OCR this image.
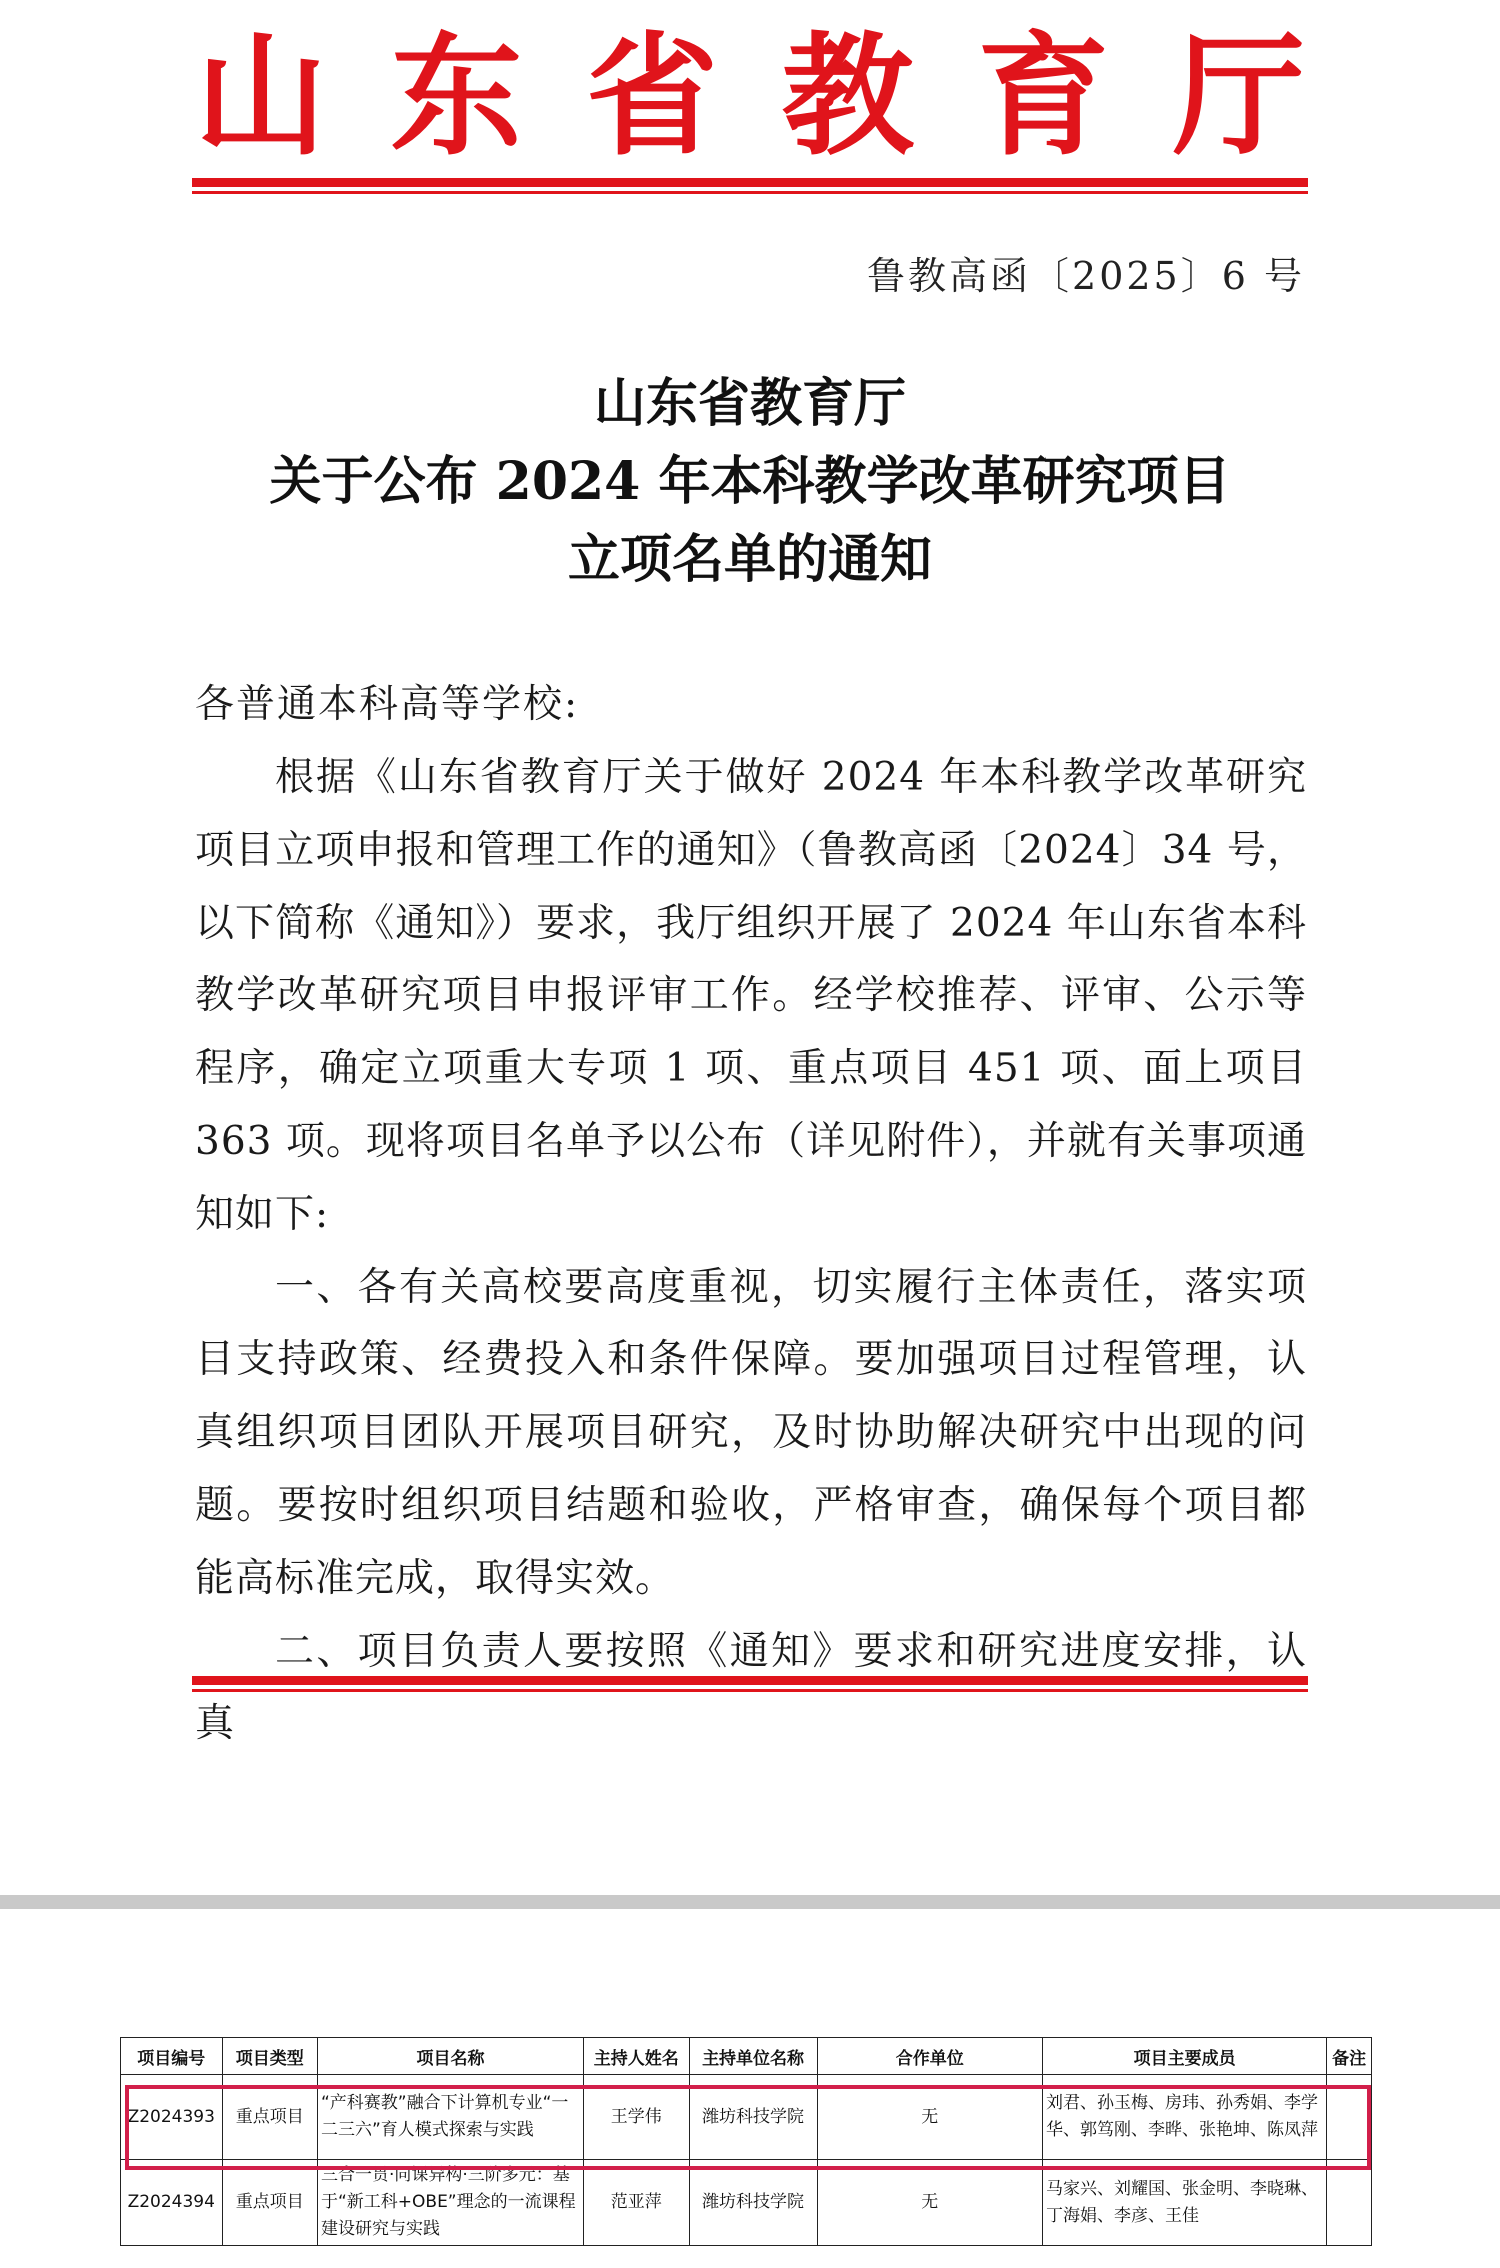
山 东 省 教 育 厅
鲁教高函〔2025〕6 号
山东省教育厅
关于公布 2024 年本科教学改革研究项目
立项名单的通知
各普通本科高等学校:

根据《山东省教育厅关于做好 2024 年本科教学改革研究项目立项申报和管理工作的通知》（鲁教高函〔2024〕34 号，以下简称《通知》）要求，我厅组织开展了 2024 年山东省本科教学改革研究项目申报评审工作。经学校推荐、评审、公示等程序，确定立项重大专项 1 项、重点项目 451 项、面上项目 363 项。现将项目名单予以公布（详见附件），并就有关事项通知如下:

一、各有关高校要高度重视，切实履行主体责任，落实项目支持政策、经费投入和条件保障。要加强项目过程管理，认真组织项目团队开展项目研究，及时协助解决研究中出现的问题。要按时组织项目结题和验收，严格审查，确保每个项目都能高标准完成，取得实效。

二、项目负责人要按照《通知》要求和研究进度安排，认真

项目编号	项目类型	项目名称	主持人姓名	主持单位名称	合作单位	项目主要成员	备注
Z2024393	重点项目	“产科赛教”融合下计算机专业“一二三六”育人模式探索与实践	王学伟	潍坊科技学院	无	刘君、孙玉梅、房玮、孙秀娟、李学华、郭笃刚、李晔、张艳坤、陈凤萍	
Z2024394	重点项目	三合一贯·同课异构·三阶多元：基于“新工科+OBE”理念的一流课程建设研究与实践	范亚萍	潍坊科技学院	无	马家兴、刘耀国、张金明、李晓琳、丁海娟、李彦、王佳	
